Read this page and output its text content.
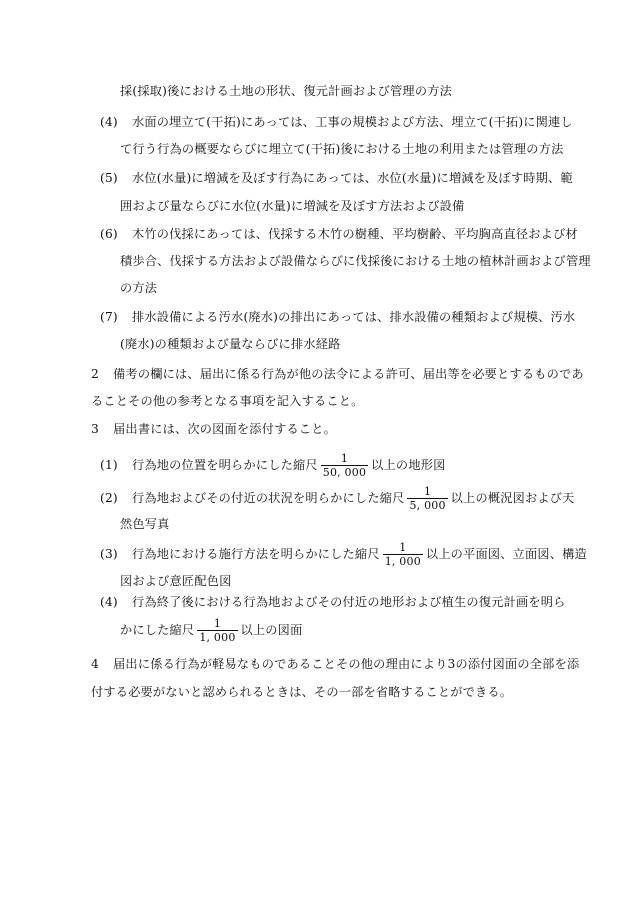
採(採取)後における土地の形状、復元計画および管理の方法
(4) 水面の埋立て(干拓)にあっては、工事の規模および方法、埋立て(干拓)に関連し
て行う行為の概要ならびに埋立て(干拓)後における土地の利用または管理の方法
(5) 水位(水量)に増減を及ぼす行為にあっては、水位(水量)に増減を及ぼす時期、範
囲および量ならびに水位(水量)に増減を及ぼす方法および設備
(6) 木竹の伐採にあっては、伐採する木竹の樹種、平均樹齢、平均胸高直径および材
積歩合、伐採する方法および設備ならびに伐採後における土地の植林計画および管理
の方法
(7) 排水設備による汚水(廃水)の排出にあっては、排水設備の種類および規模、汚水
(廃水)の種類および量ならびに排水経路
2 備考の欄には、届出に係る行為が他の法令による許可、届出等を必要とするものであ
ることその他の参考となる事項を記入すること。
3 届出書には、次の図面を添付すること。
(1) 行為地の位置を明らかにした縮尺 $\frac{1}{50, 000}$ 以上の地形図
(2) 行為地およびその付近の状況を明らかにした縮尺 $\frac{1}{5, 000}$ 以上の概況図および天
然色写真
(3) 行為地における施行方法を明らかにした縮尺 $\frac{1}{1, 000}$ 以上の平面図、立面図、構造
図および意匠配色図
(4) 行為終了後における行為地およびその付近の地形および植生の復元計画を明ら
かにした縮尺 $\frac{1}{1, 000}$ 以上の図面
4 届出に係る行為が軽易なものであることその他の理由により3の添付図面の全部を添
付する必要がないと認められるときは、その一部を省略することができる。
